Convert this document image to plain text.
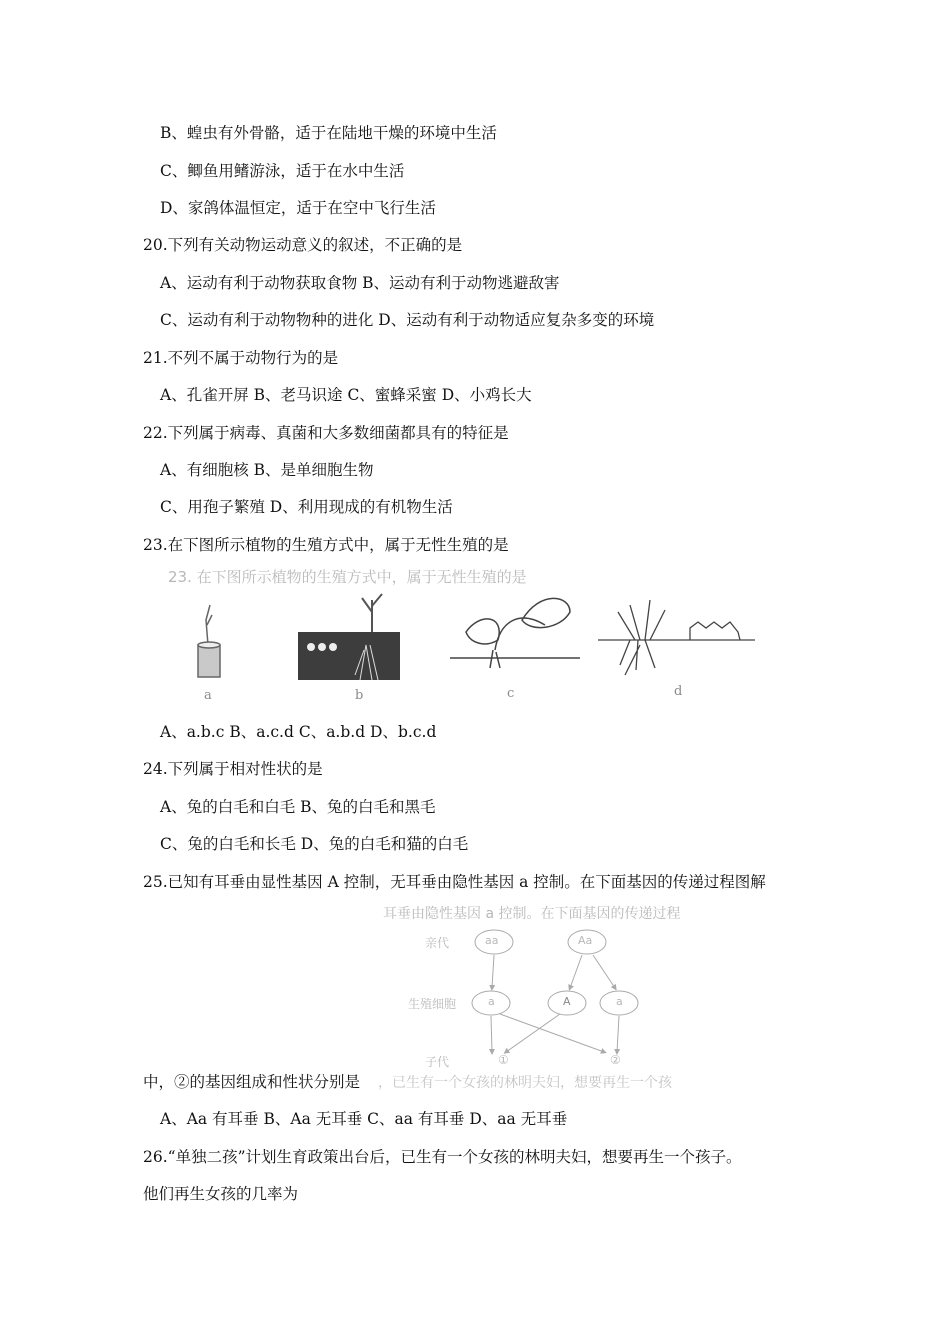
B、蝗虫有外骨骼，适于在陆地干燥的环境中生活
C、鲫鱼用鳍游泳，适于在水中生活
D、家鸽体温恒定，适于在空中飞行生活
20.下列有关动物运动意义的叙述，不正确的是
A、运动有利于动物获取食物 B、运动有利于动物逃避敌害
C、运动有利于动物物种的进化 D、运动有利于动物适应复杂多变的环境
21.不列不属于动物行为的是
A、孔雀开屏 B、老马识途 C、蜜蜂采蜜 D、小鸡长大
22.下列属于病毒、真菌和大多数细菌都具有的特征是
A、有细胞核 B、是单细胞生物
C、用孢子繁殖 D、利用现成的有机物生活
23.在下图所示植物的生殖方式中，属于无性生殖的是
23. 在下图所示植物的生殖方式中，属于无性生殖的是
a	b	c	d
A、a.b.c B、a.c.d C、a.b.d D、b.c.d
24.下列属于相对性状的是
A、兔的白毛和白毛 B、兔的白毛和黑毛
C、兔的白毛和长毛 D、兔的白毛和猫的白毛
25.已知有耳垂由显性基因 A 控制，无耳垂由隐性基因 a 控制。在下面基因的传递过程图解
耳垂由隐性基因 a 控制。在下面基因的传递过程
亲代
生殖细胞
子代
aa	Aa
a	A	a
①	②
中，②的基因组成和性状分别是 ，已生有一个女孩的林明夫妇，想要再生一个孩
A、Aa 有耳垂 B、Aa 无耳垂 C、aa 有耳垂 D、aa 无耳垂
26.“单独二孩”计划生育政策出台后，已生有一个女孩的林明夫妇，想要再生一个孩子。
他们再生女孩的几率为
